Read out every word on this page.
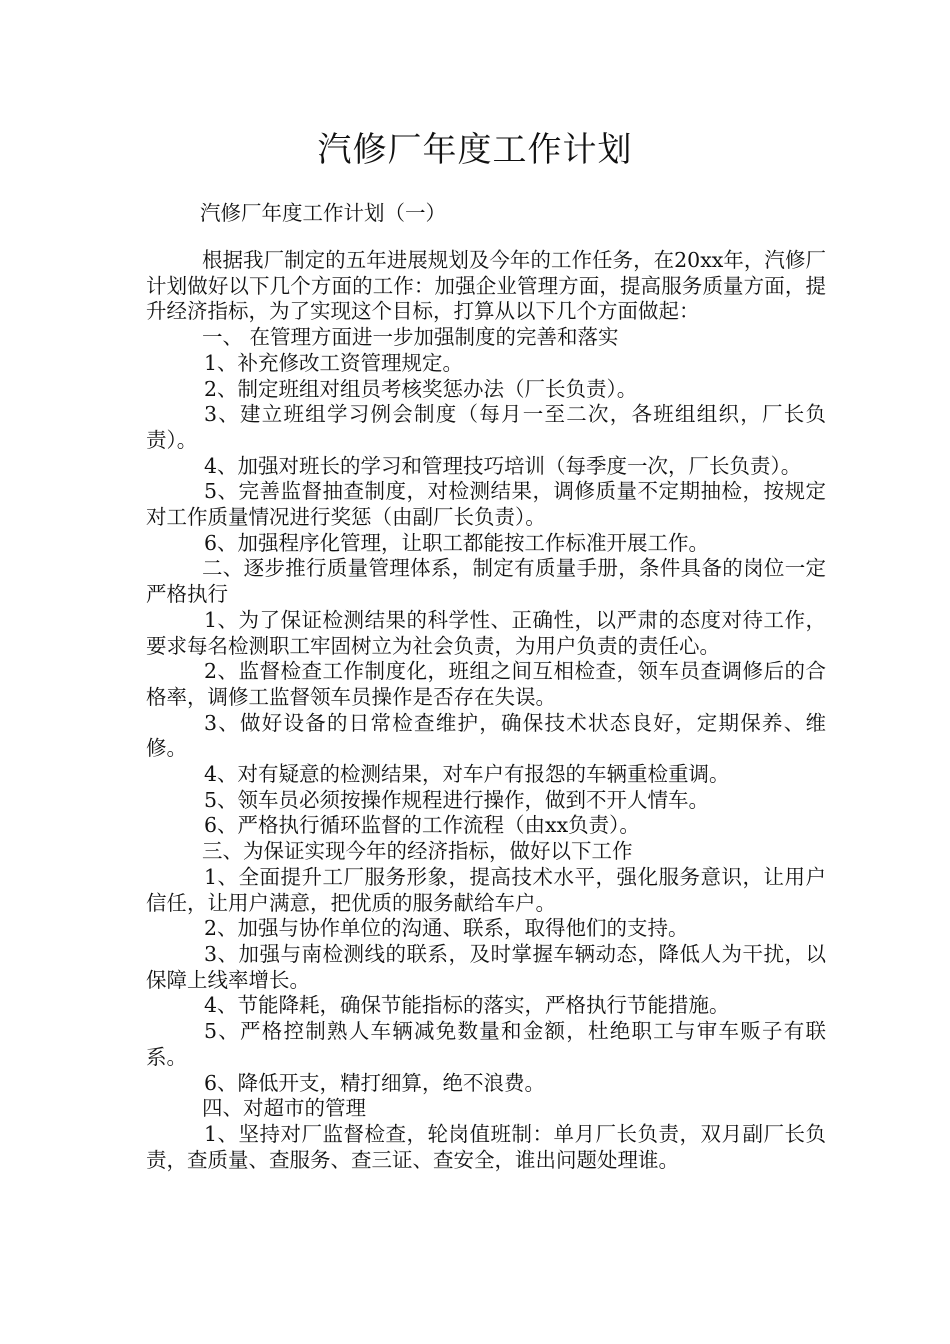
汽修厂年度工作计划

汽修厂年度工作计划（一）

根据我厂制定的五年进展规划及今年的工作任务，在20xx年，汽修厂计划做好以下几个方面的工作：加强企业管理方面，提高服务质量方面，提升经济指标，为了实现这个目标，打算从以下几个方面做起：

一、 在管理方面进一步加强制度的完善和落实

1、补充修改工资管理规定。

2、制定班组对组员考核奖惩办法（厂长负责）。

3、建立班组学习例会制度（每月一至二次，各班组组织，厂长负责）。

4、加强对班长的学习和管理技巧培训（每季度一次，厂长负责）。

5、完善监督抽查制度，对检测结果，调修质量不定期抽检，按规定对工作质量情况进行奖惩（由副厂长负责）。

6、加强程序化管理，让职工都能按工作标准开展工作。

二、逐步推行质量管理体系，制定有质量手册，条件具备的岗位一定严格执行

1、为了保证检测结果的科学性、正确性，以严肃的态度对待工作，要求每名检测职工牢固树立为社会负责，为用户负责的责任心。

2、监督检查工作制度化，班组之间互相检查，领车员查调修后的合格率，调修工监督领车员操作是否存在失误。

3、做好设备的日常检查维护，确保技术状态良好，定期保养、维修。

4、对有疑意的检测结果，对车户有报怨的车辆重检重调。

5、领车员必须按操作规程进行操作，做到不开人情车。

6、严格执行循环监督的工作流程（由xx负责）。

三、为保证实现今年的经济指标，做好以下工作

1、全面提升工厂服务形象，提高技术水平，强化服务意识，让用户信任，让用户满意，把优质的服务献给车户。

2、加强与协作单位的沟通、联系，取得他们的支持。

3、加强与南检测线的联系，及时掌握车辆动态，降低人为干扰，以保障上线率增长。

4、节能降耗，确保节能指标的落实，严格执行节能措施。

5、严格控制熟人车辆减免数量和金额，杜绝职工与审车贩子有联系。

6、降低开支，精打细算，绝不浪费。

四、对超市的管理

1、坚持对厂监督检查，轮岗值班制：单月厂长负责，双月副厂长负责，查质量、查服务、查三证、查安全，谁出问题处理谁。
